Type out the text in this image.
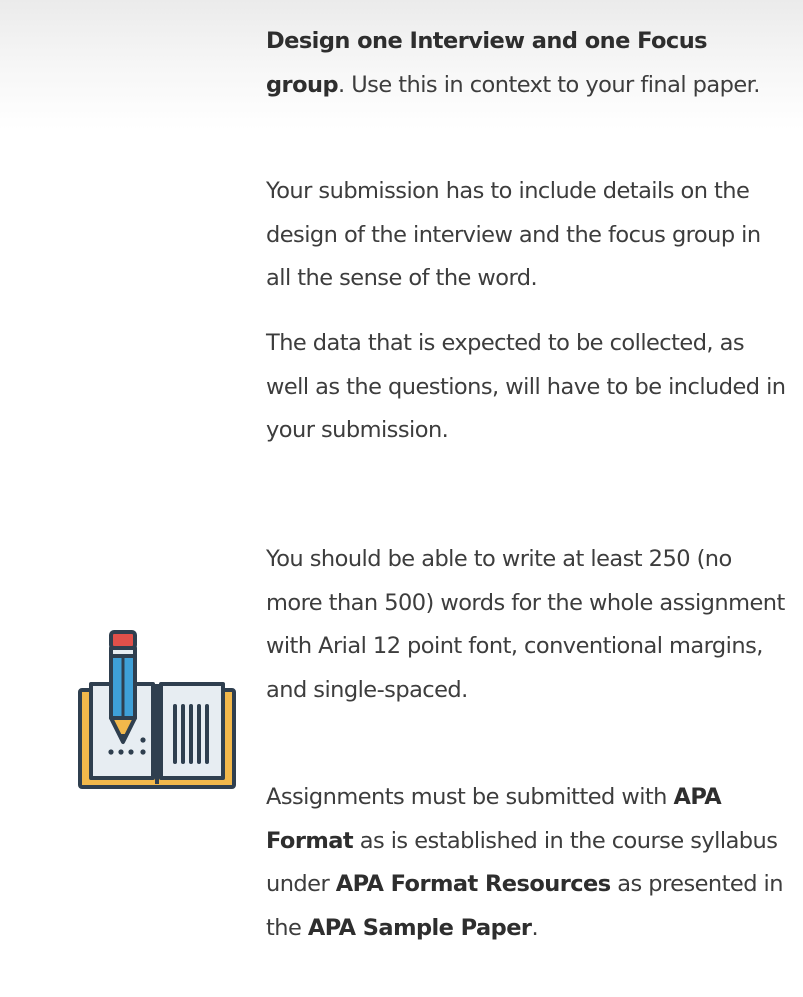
Design one Interview and one Focus group. Use this in context to your final paper.

Your submission has to include details on the design of the interview and the focus group in all the sense of the word.

The data that is expected to be collected, as well as the questions, will have to be included in your submission.

You should be able to write at least 250 (no more than 500) words for the whole assignment with Arial 12 point font, conventional margins, and single-spaced.

Assignments must be submitted with APA Format as is established in the course syllabus under APA Format Resources as presented in the APA Sample Paper.
